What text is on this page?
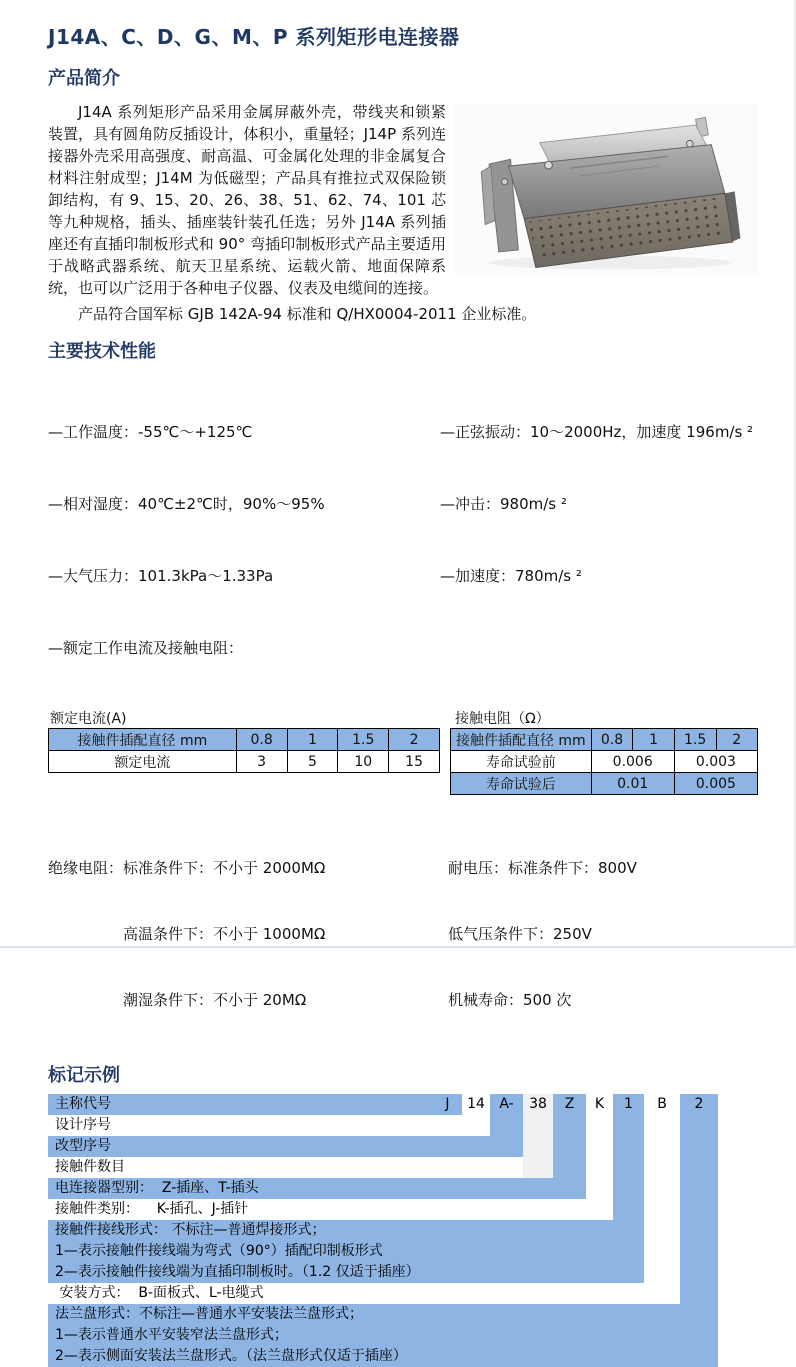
J14A、C、D、G、M、P 系列矩形电连接器
产品简介

J14A 系列矩形产品采用金属屏蔽外壳，带线夹和锁紧装置，具有圆角防反插设计，体积小，重量轻；J14P 系列连接器外壳采用高强度、耐高温、可金属化处理的非金属复合材料注射成型；J14M 为低磁型；产品具有推拉式双保险锁卸结构，有 9、15、20、26、38、51、62、74、101 芯等九种规格，插头、插座装针装孔任选；另外 J14A 系列插座还有直插印制板形式和 90° 弯插印制板形式产品主要适用于战略武器系统、航天卫星系统、运载火箭、地面保障系统，也可以广泛用于各种电子仪器、仪表及电缆间的连接。

产品符合国军标 GJB 142A-94 标准和 Q/HX0004-2011 企业标准。

主要技术性能

—工作温度：-55℃～+125℃

—相对湿度：40℃±2℃时，90%～95%

—大气压力：101.3kPa～1.33Pa

—额定工作电流及接触电阻：

—正弦振动：10～2000Hz，加速度 196m/s ²

—冲击：980m/s ²

—加速度：780m/s ²

额定电流(A)	接触电阻（Ω）
接触件插配直径 mm	0.8	1	1.5	2
额定电流	3	5	10	15
接触件插配直径 mm	0.8	1	1.5	2
寿命试验前	0.006		0.003	
寿命试验后	0.01		0.005	

绝缘电阻：标准条件下：不小于 2000MΩ

高温条件下：不小于 1000MΩ

潮湿条件下：不小于 20MΩ

耐电压：标准条件下：800V

低气压条件下：250V

机械寿命：500 次

标记示例
J	14	A-	38	Z	K	1	B	2
主称代号
设计序号
改型序号
接触件数目
电连接器型别：  Z-插座、T-插头
接触件类别：    K-插孔、J-插针
接触件接线形式： 不标注—普通焊接形式；
1—表示接触件接线端为弯式（90°）插配印制板形式
2—表示接触件接线端为直插印制板时。（1.2 仅适于插座）
安装方式：  B-面板式、L-电缆式
法兰盘形式：不标注—普通水平安装法兰盘形式；
1—表示普通水平安装窄法兰盘形式；
2—表示侧面安装法兰盘形式。（法兰盘形式仅适于插座）
